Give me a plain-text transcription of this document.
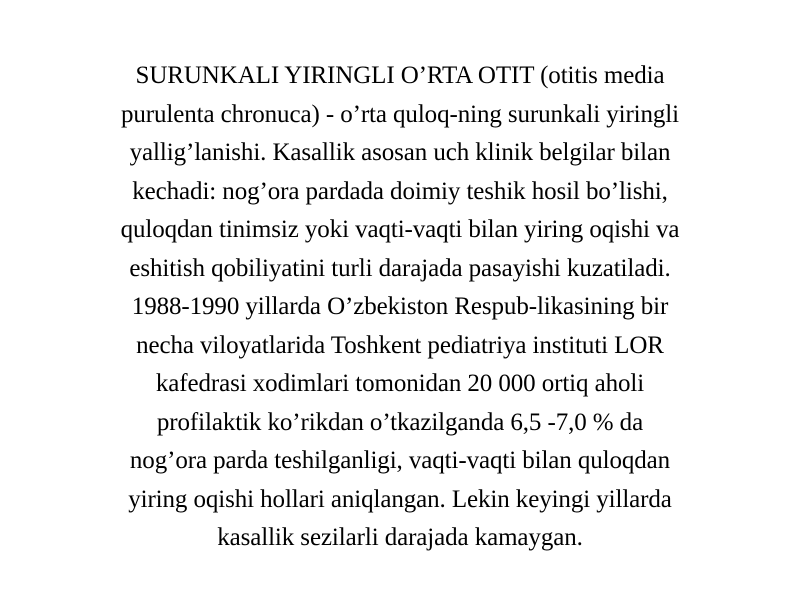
SURUNKALI YIRINGLI O’RTA OTIT (otitis media
purulenta chronuca) - o’rta quloq-ning surunkali yiringli
yallig’lanishi. Kasallik asosan uch klinik belgilar bilan
kechadi: nog’ora pardada doimiy teshik hosil bo’lishi,
quloqdan tinimsiz yoki vaqti-vaqti bilan yiring oqishi va
eshitish qobiliyatini turli darajada pasayishi kuzatiladi.
1988-1990 yillarda O’zbekiston Respub-likasining bir
necha viloyatlarida Toshkent pediatriya instituti LOR
kafedrasi xodimlari tomonidan 20 000 ortiq aholi
profilaktik ko’rikdan o’tkazilganda 6,5 -7,0 % da
nog’ora parda teshilganligi, vaqti-vaqti bilan quloqdan
yiring oqishi hollari aniqlangan. Lekin keyingi yillarda
kasallik sezilarli darajada kamaygan.
